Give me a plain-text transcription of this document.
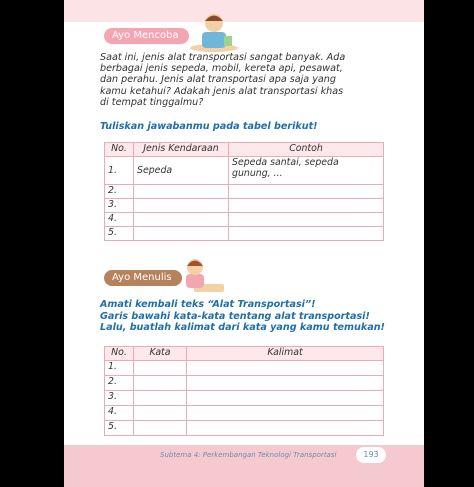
Ayo Mencoba
Saat ini, jenis alat transportasi sangat banyak. Ada
berbagai jenis sepeda, mobil, kereta api, pesawat,
dan perahu. Jenis alat transportasi apa saja yang
kamu ketahui? Adakah jenis alat transportasi khas
di tempat tinggalmu?
Tuliskan jawabanmu pada tabel berikut!
No.	Jenis Kendaraan	Contoh
1.	Sepeda	Sepeda santai, sepeda gunung, ...
2.		
3.		
4.		
5.		
Ayo Menulis
Amati kembali teks “Alat Transportasi”!
Garis bawahi kata-kata tentang alat transportasi!
Lalu, buatlah kalimat dari kata yang kamu temukan!
No.	Kata	Kalimat
1.		
2.		
3.		
4.		
5.		
Subtema 4: Perkembangan Teknologi Transportasi	193
